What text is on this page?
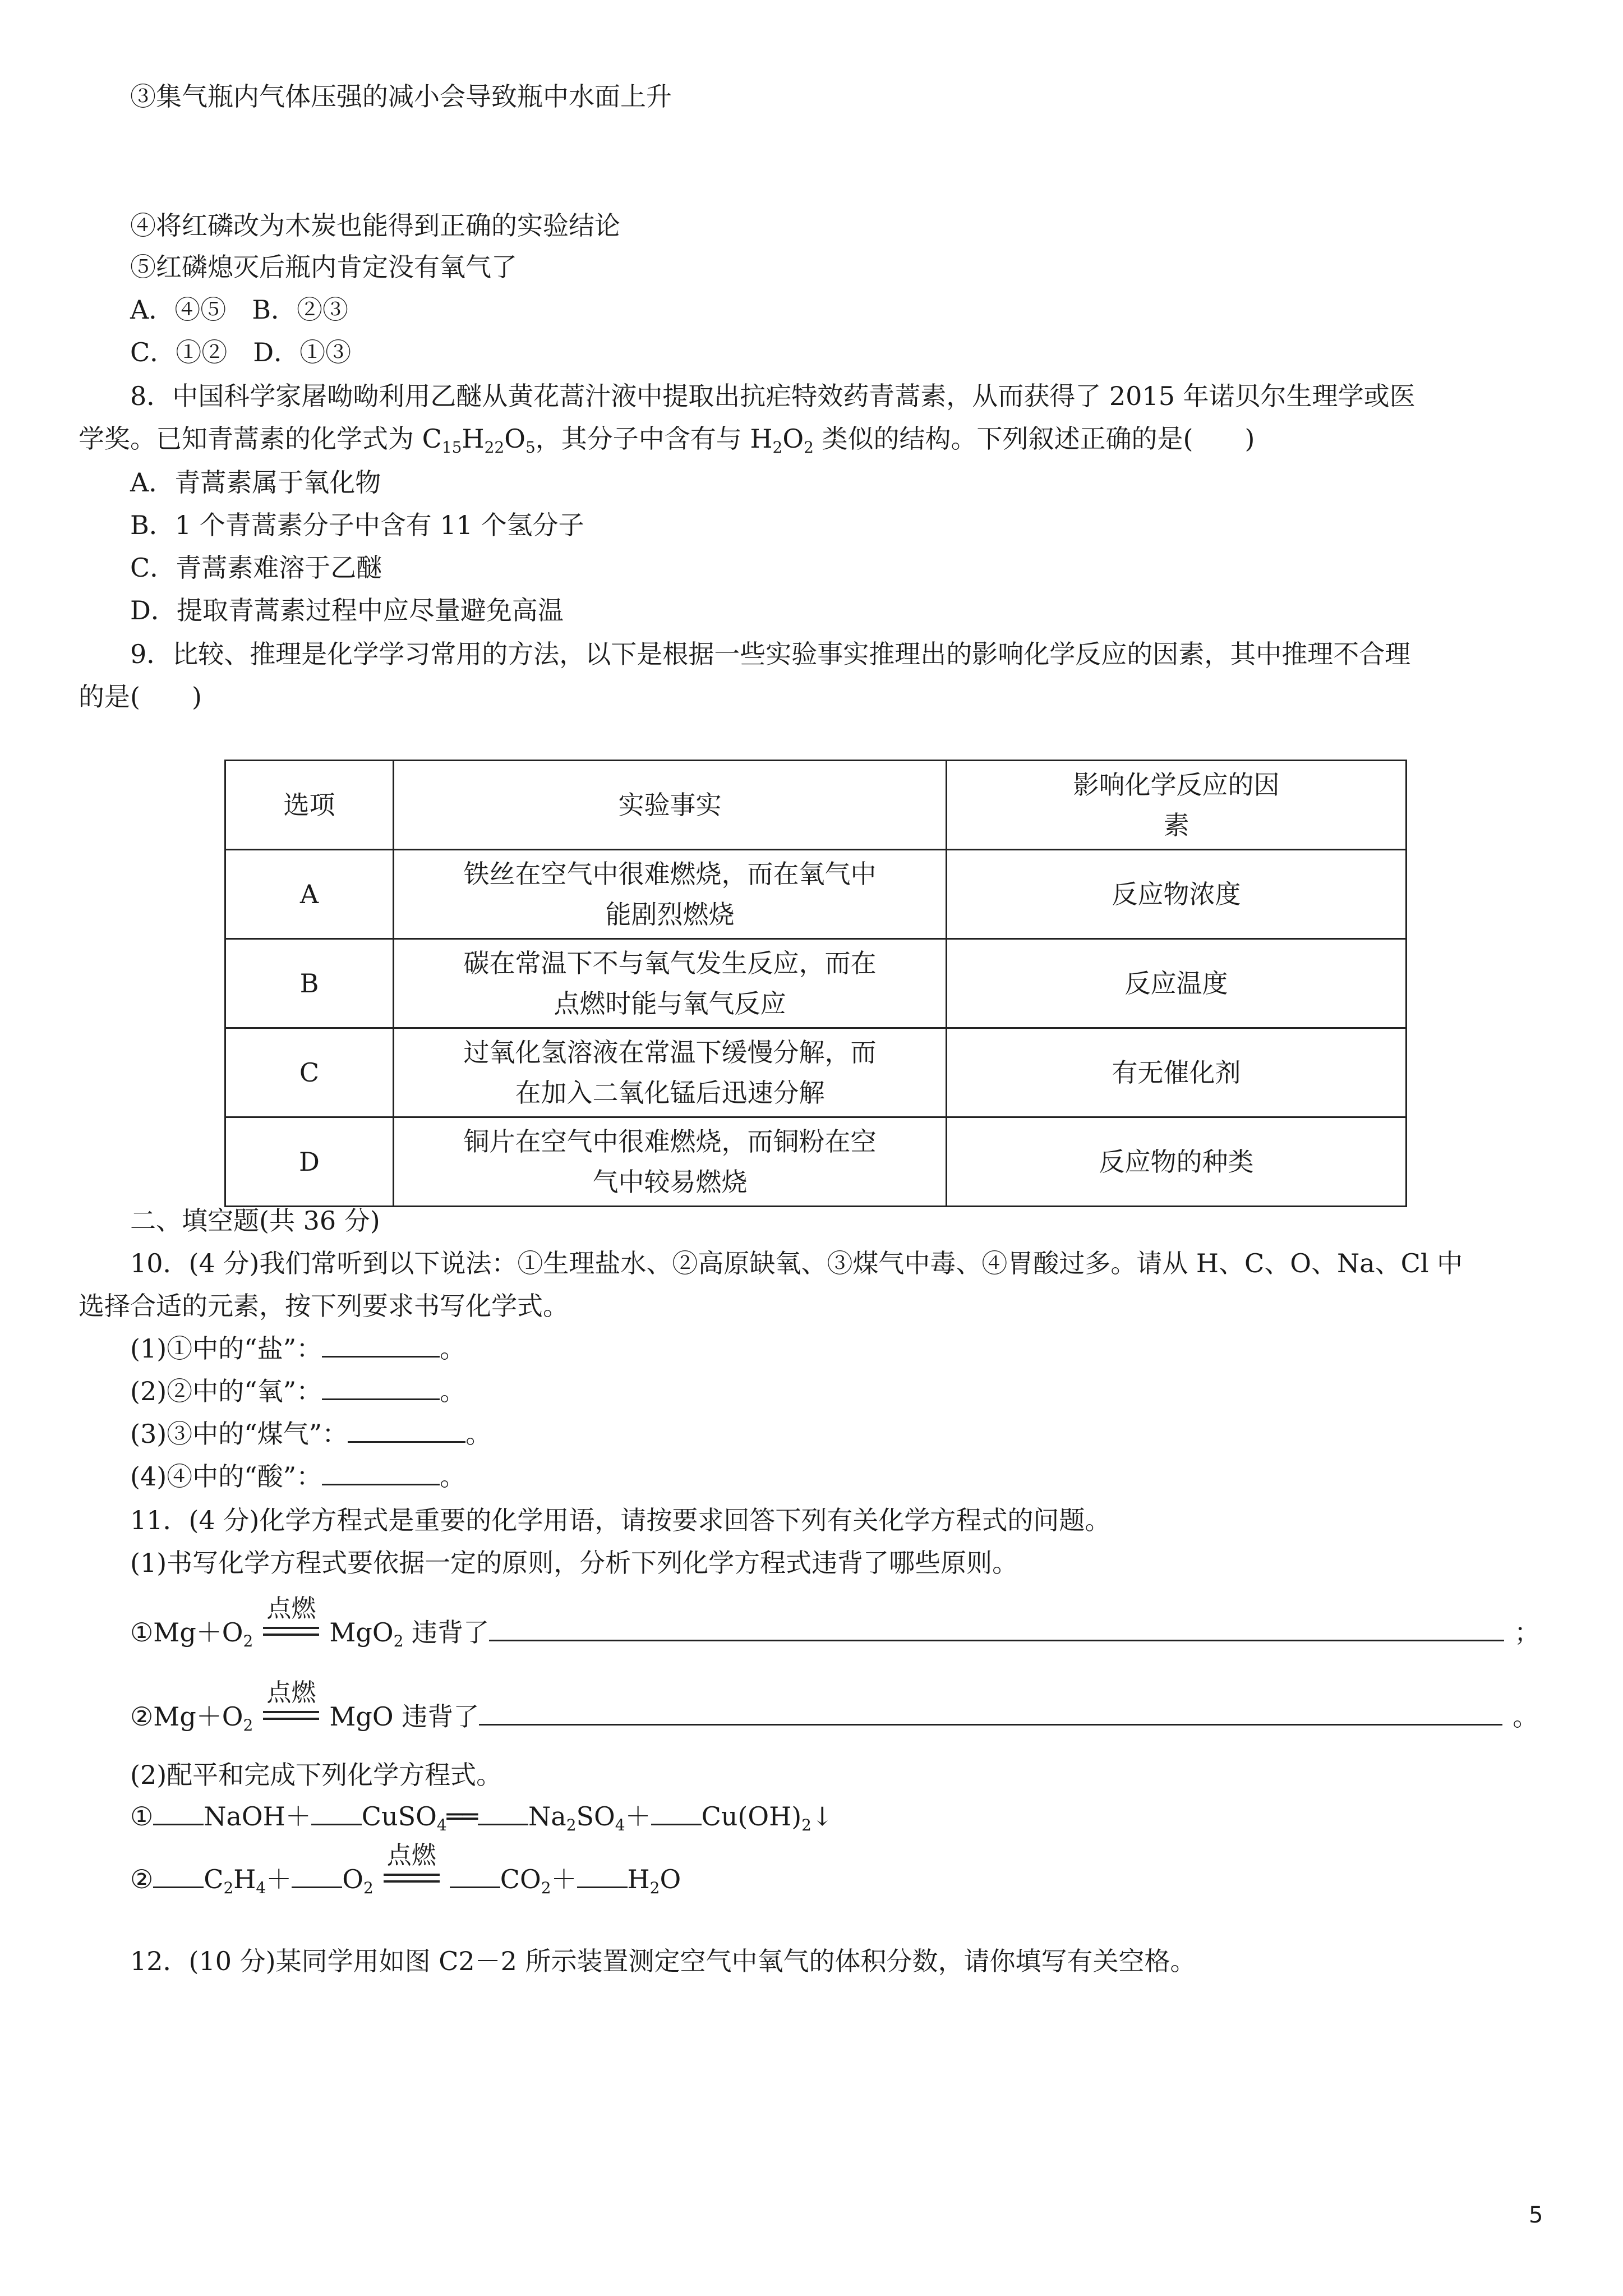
③集气瓶内气体压强的减小会导致瓶中水面上升
④将红磷改为木炭也能得到正确的实验结论
⑤红磷熄灭后瓶内肯定没有氧气了
A．④⑤　B．②③
C．①②　D．①③
8．中国科学家屠呦呦利用乙醚从黄花蒿汁液中提取出抗疟特效药青蒿素，从而获得了 2015 年诺贝尔生理学或医
学奖。已知青蒿素的化学式为 $C_{15}H_{22}O_5$，其分子中含有与 $H_2O_2$ 类似的结构。下列叙述正确的是(　　)
A．青蒿素属于氧化物
B．1 个青蒿素分子中含有 11 个氢分子
C．青蒿素难溶于乙醚
D．提取青蒿素过程中应尽量避免高温
9．比较、推理是化学学习常用的方法，以下是根据一些实验事实推理出的影响化学反应的因素，其中推理不合理
的是(　　)
选项	实验事实	影响化学反应的因素
A	铁丝在空气中很难燃烧，而在氧气中能剧烈燃烧	反应物浓度
B	碳在常温下不与氧气发生反应，而在点燃时能与氧气反应	反应温度
C	过氧化氢溶液在常温下缓慢分解，而在加入二氧化锰后迅速分解	有无催化剂
D	铜片在空气中很难燃烧，而铜粉在空气中较易燃烧	反应物的种类
二、填空题(共 36 分)
10．(4 分)我们常听到以下说法：①生理盐水、②高原缺氧、③煤气中毒、④胃酸过多。请从 H、C、O、Na、Cl 中
选择合适的元素，按下列要求书写化学式。
(1)①中的“盐”：	。
(2)②中的“氧”：	。
(3)③中的“煤气”：	。
(4)④中的“酸”：	。
11．(4 分)化学方程式是重要的化学用语，请按要求回答下列有关化学方程式的问题。
(1)书写化学方程式要依据一定的原则，分析下列化学方程式违背了哪些原则。
$①Mg+O_2$
点燃
MgO$_2$ 违背了	；
$②Mg+O_2$
点燃
MgO 违背了	。
(2)配平和完成下列化学方程式。
① NaOH＋ CuSO$_4$══ $Na_2SO_4+$ $Cu(OH)_2↓$
② $C_2H_4+ O_2$
点燃
$CO_2+ H_2O$
12．(10 分)某同学用如图 C2－2 所示装置测定空气中氧气的体积分数，请你填写有关空格。
5
